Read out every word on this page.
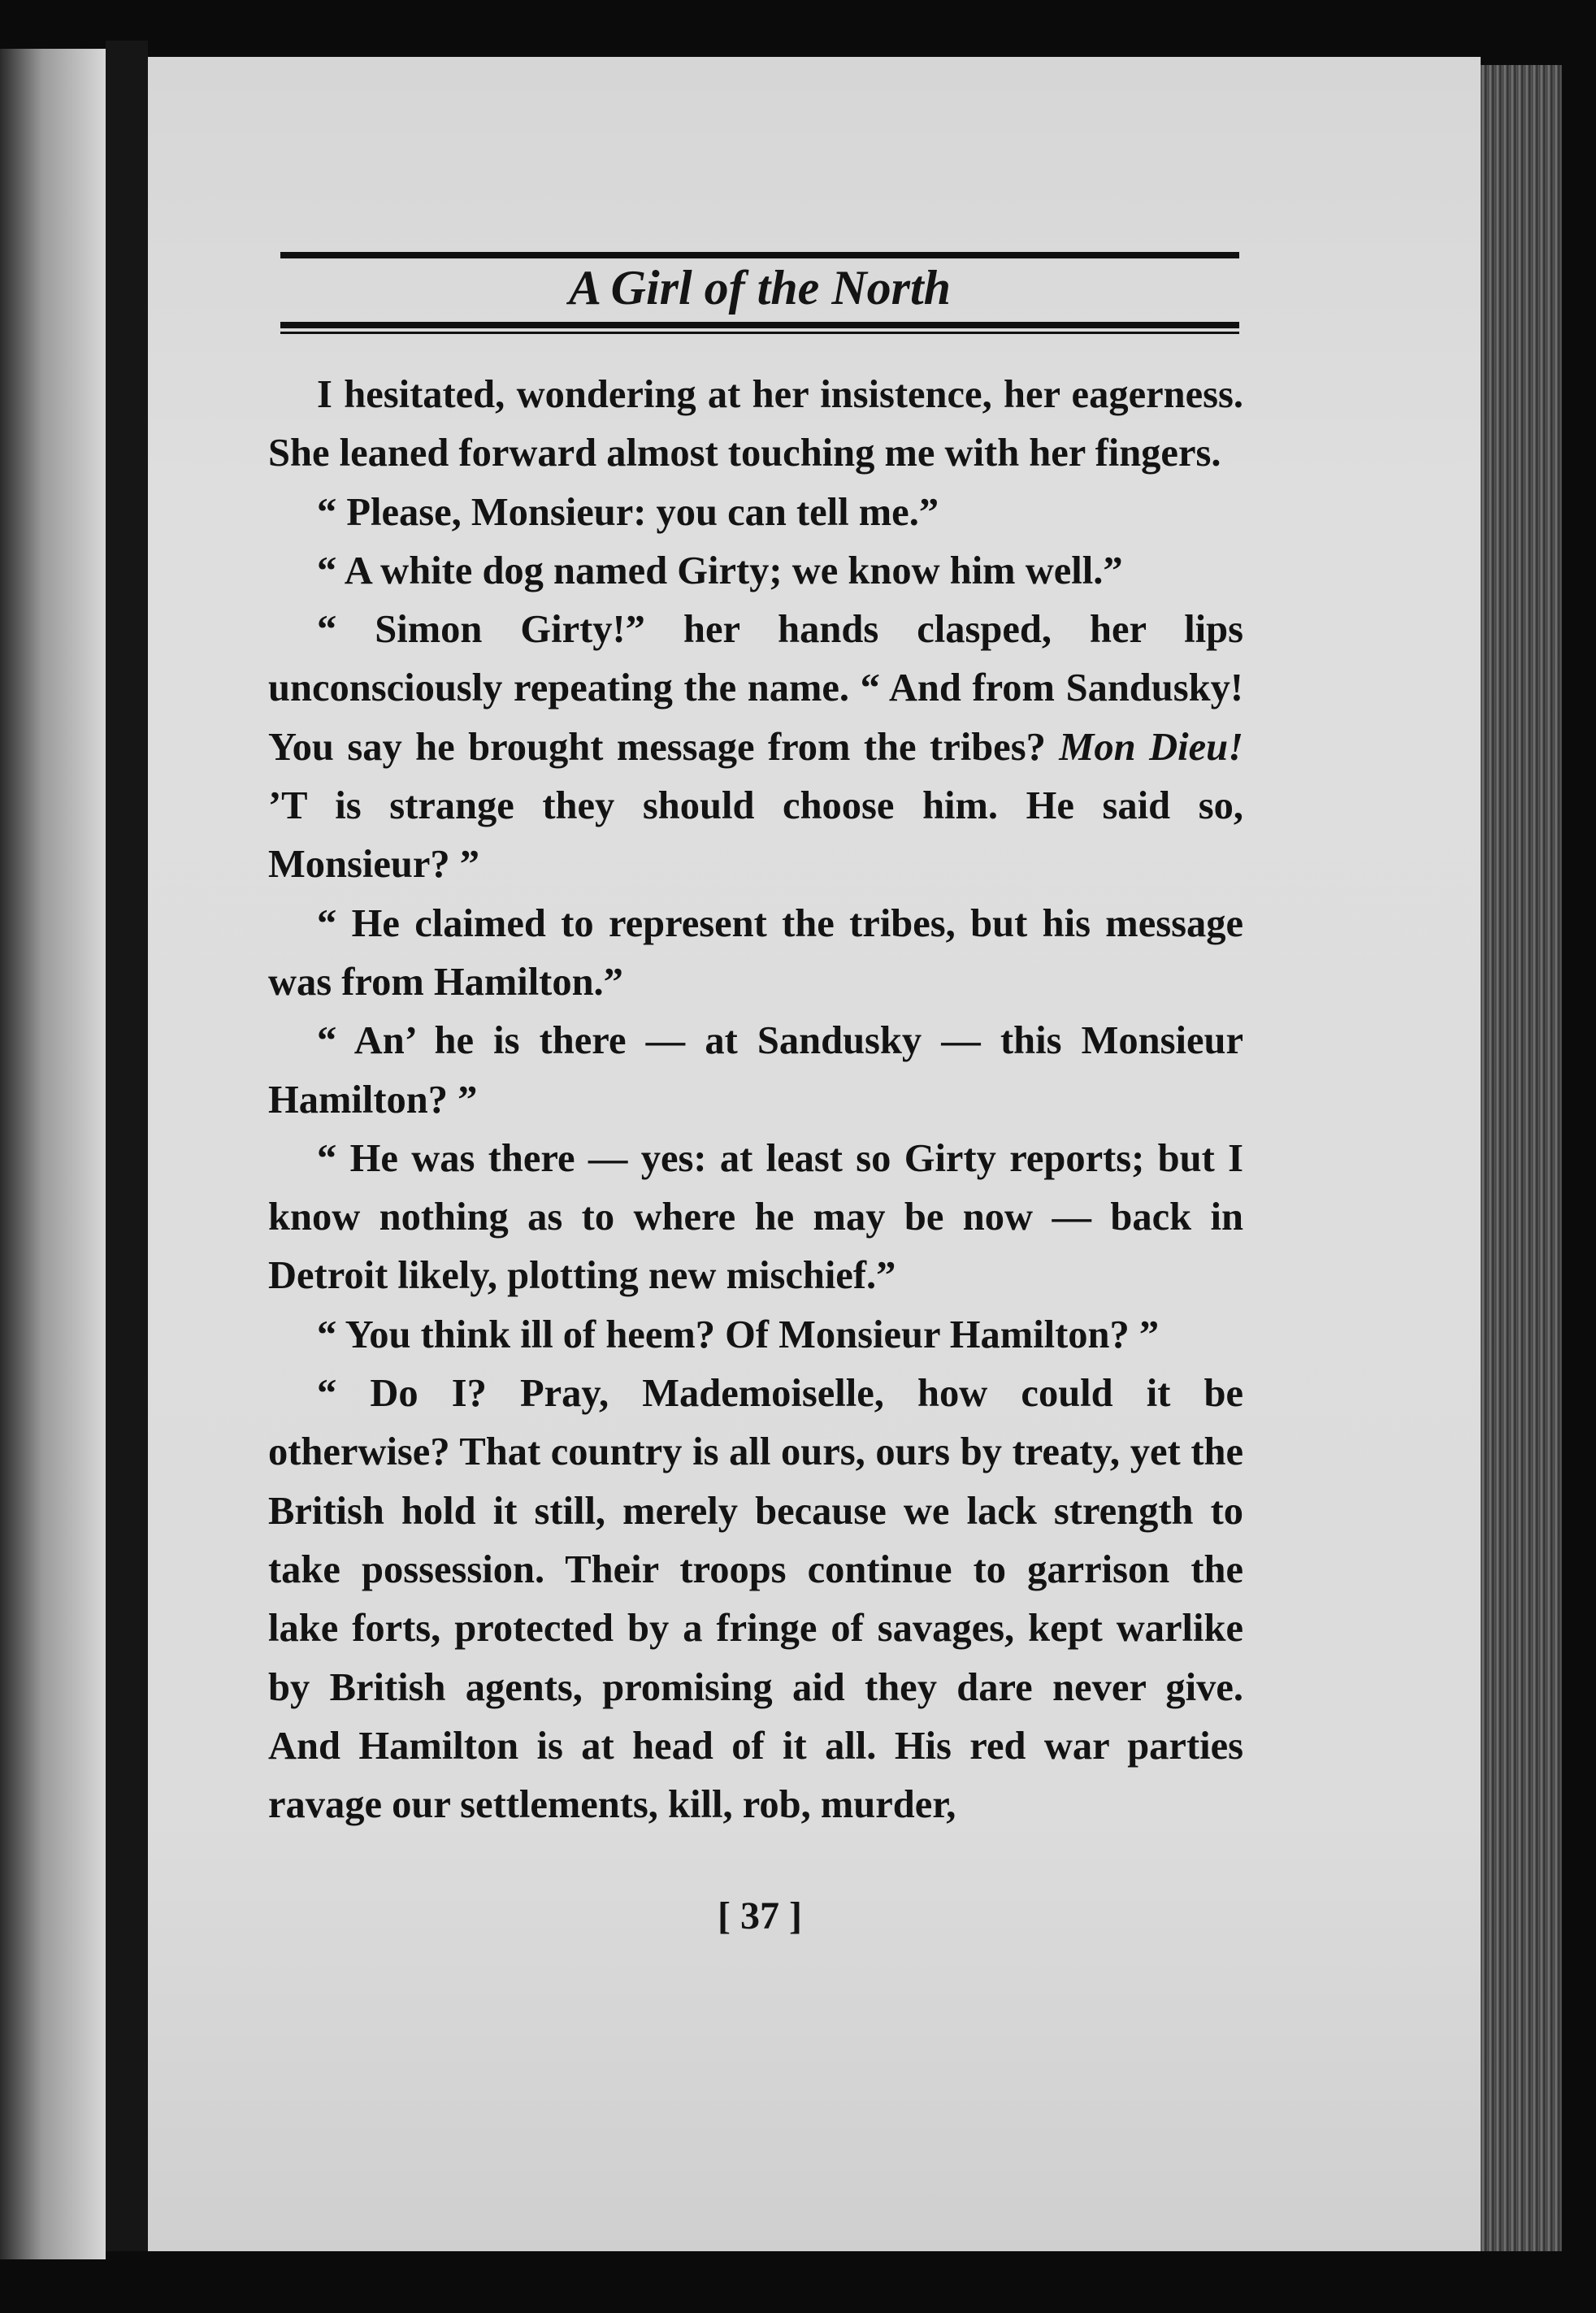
A Girl of the North

I hesitated, wondering at her insistence, her eagerness. She leaned forward almost touching me with her fingers.

“ Please, Monsieur: you can tell me.”

“ A white dog named Girty; we know him well.”

“ Simon Girty!” her hands clasped, her lips unconsciously repeating the name. “ And from Sandusky! You say he brought message from the tribes? Mon Dieu! ’T is strange they should choose him. He said so, Monsieur? ”

“ He claimed to represent the tribes, but his message was from Hamilton.”

“ An’ he is there — at Sandusky — this Monsieur Hamilton? ”

“ He was there — yes: at least so Girty reports; but I know nothing as to where he may be now — back in Detroit likely, plotting new mischief.”

“ You think ill of heem? Of Monsieur Hamilton? ”

“ Do I? Pray, Mademoiselle, how could it be otherwise? That country is all ours, ours by treaty, yet the British hold it still, merely because we lack strength to take possession. Their troops continue to garrison the lake forts, protected by a fringe of savages, kept warlike by British agents, promising aid they dare never give. And Hamilton is at head of it all. His red war parties ravage our settlements, kill, rob, murder,

[ 37 ]
